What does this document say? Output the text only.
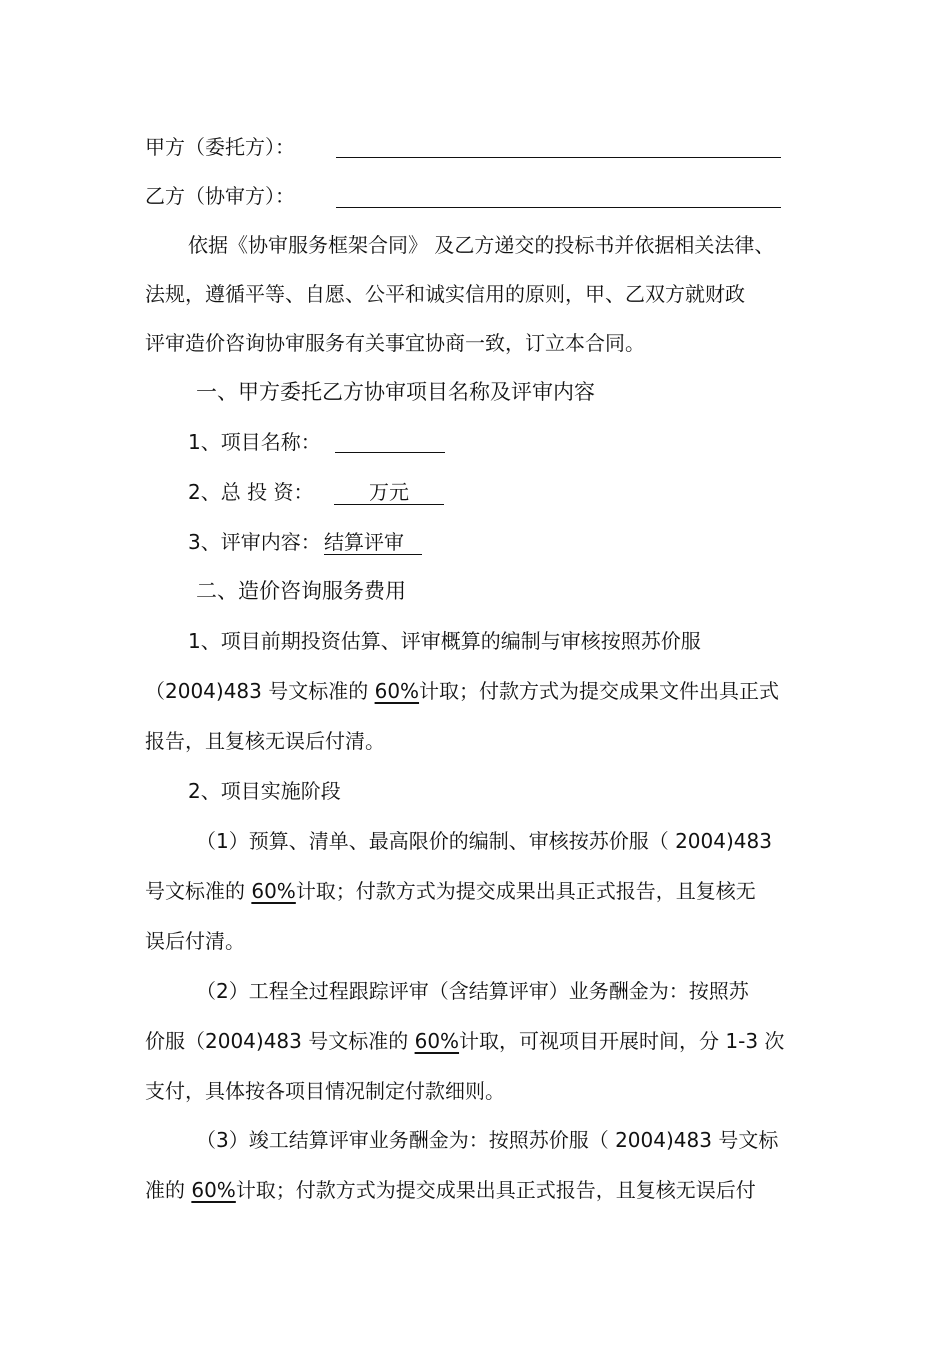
甲方（委托方）：
乙方（协审方）：
依据《协审服务框架合同》 及乙方递交的投标书并依据相关法律、
法规，遵循平等、自愿、公平和诚实信用的原则，甲、乙双方就财政
评审造价咨询协审服务有关事宜协商一致，订立本合同。
一、甲方委托乙方协审项目名称及评审内容
1、项目名称：
2、总 投 资：	万元
3、评审内容： 结算评审
二、造价咨询服务费用
1、项目前期投资估算、评审概算的编制与审核按照苏价服
（2004)483 号文标准的 60%计取；付款方式为提交成果文件出具正式
报告，且复核无误后付清。
2、项目实施阶段
（1）预算、清单、最高限价的编制、审核按苏价服（ 2004)483
号文标准的 60%计取；付款方式为提交成果出具正式报告，且复核无
误后付清。
（2）工程全过程跟踪评审（含结算评审）业务酬金为：按照苏
价服（2004)483 号文标准的 60%计取，可视项目开展时间，分 1-3 次
支付，具体按各项目情况制定付款细则。
（3）竣工结算评审业务酬金为：按照苏价服（ 2004)483 号文标
准的 60%计取；付款方式为提交成果出具正式报告，且复核无误后付
